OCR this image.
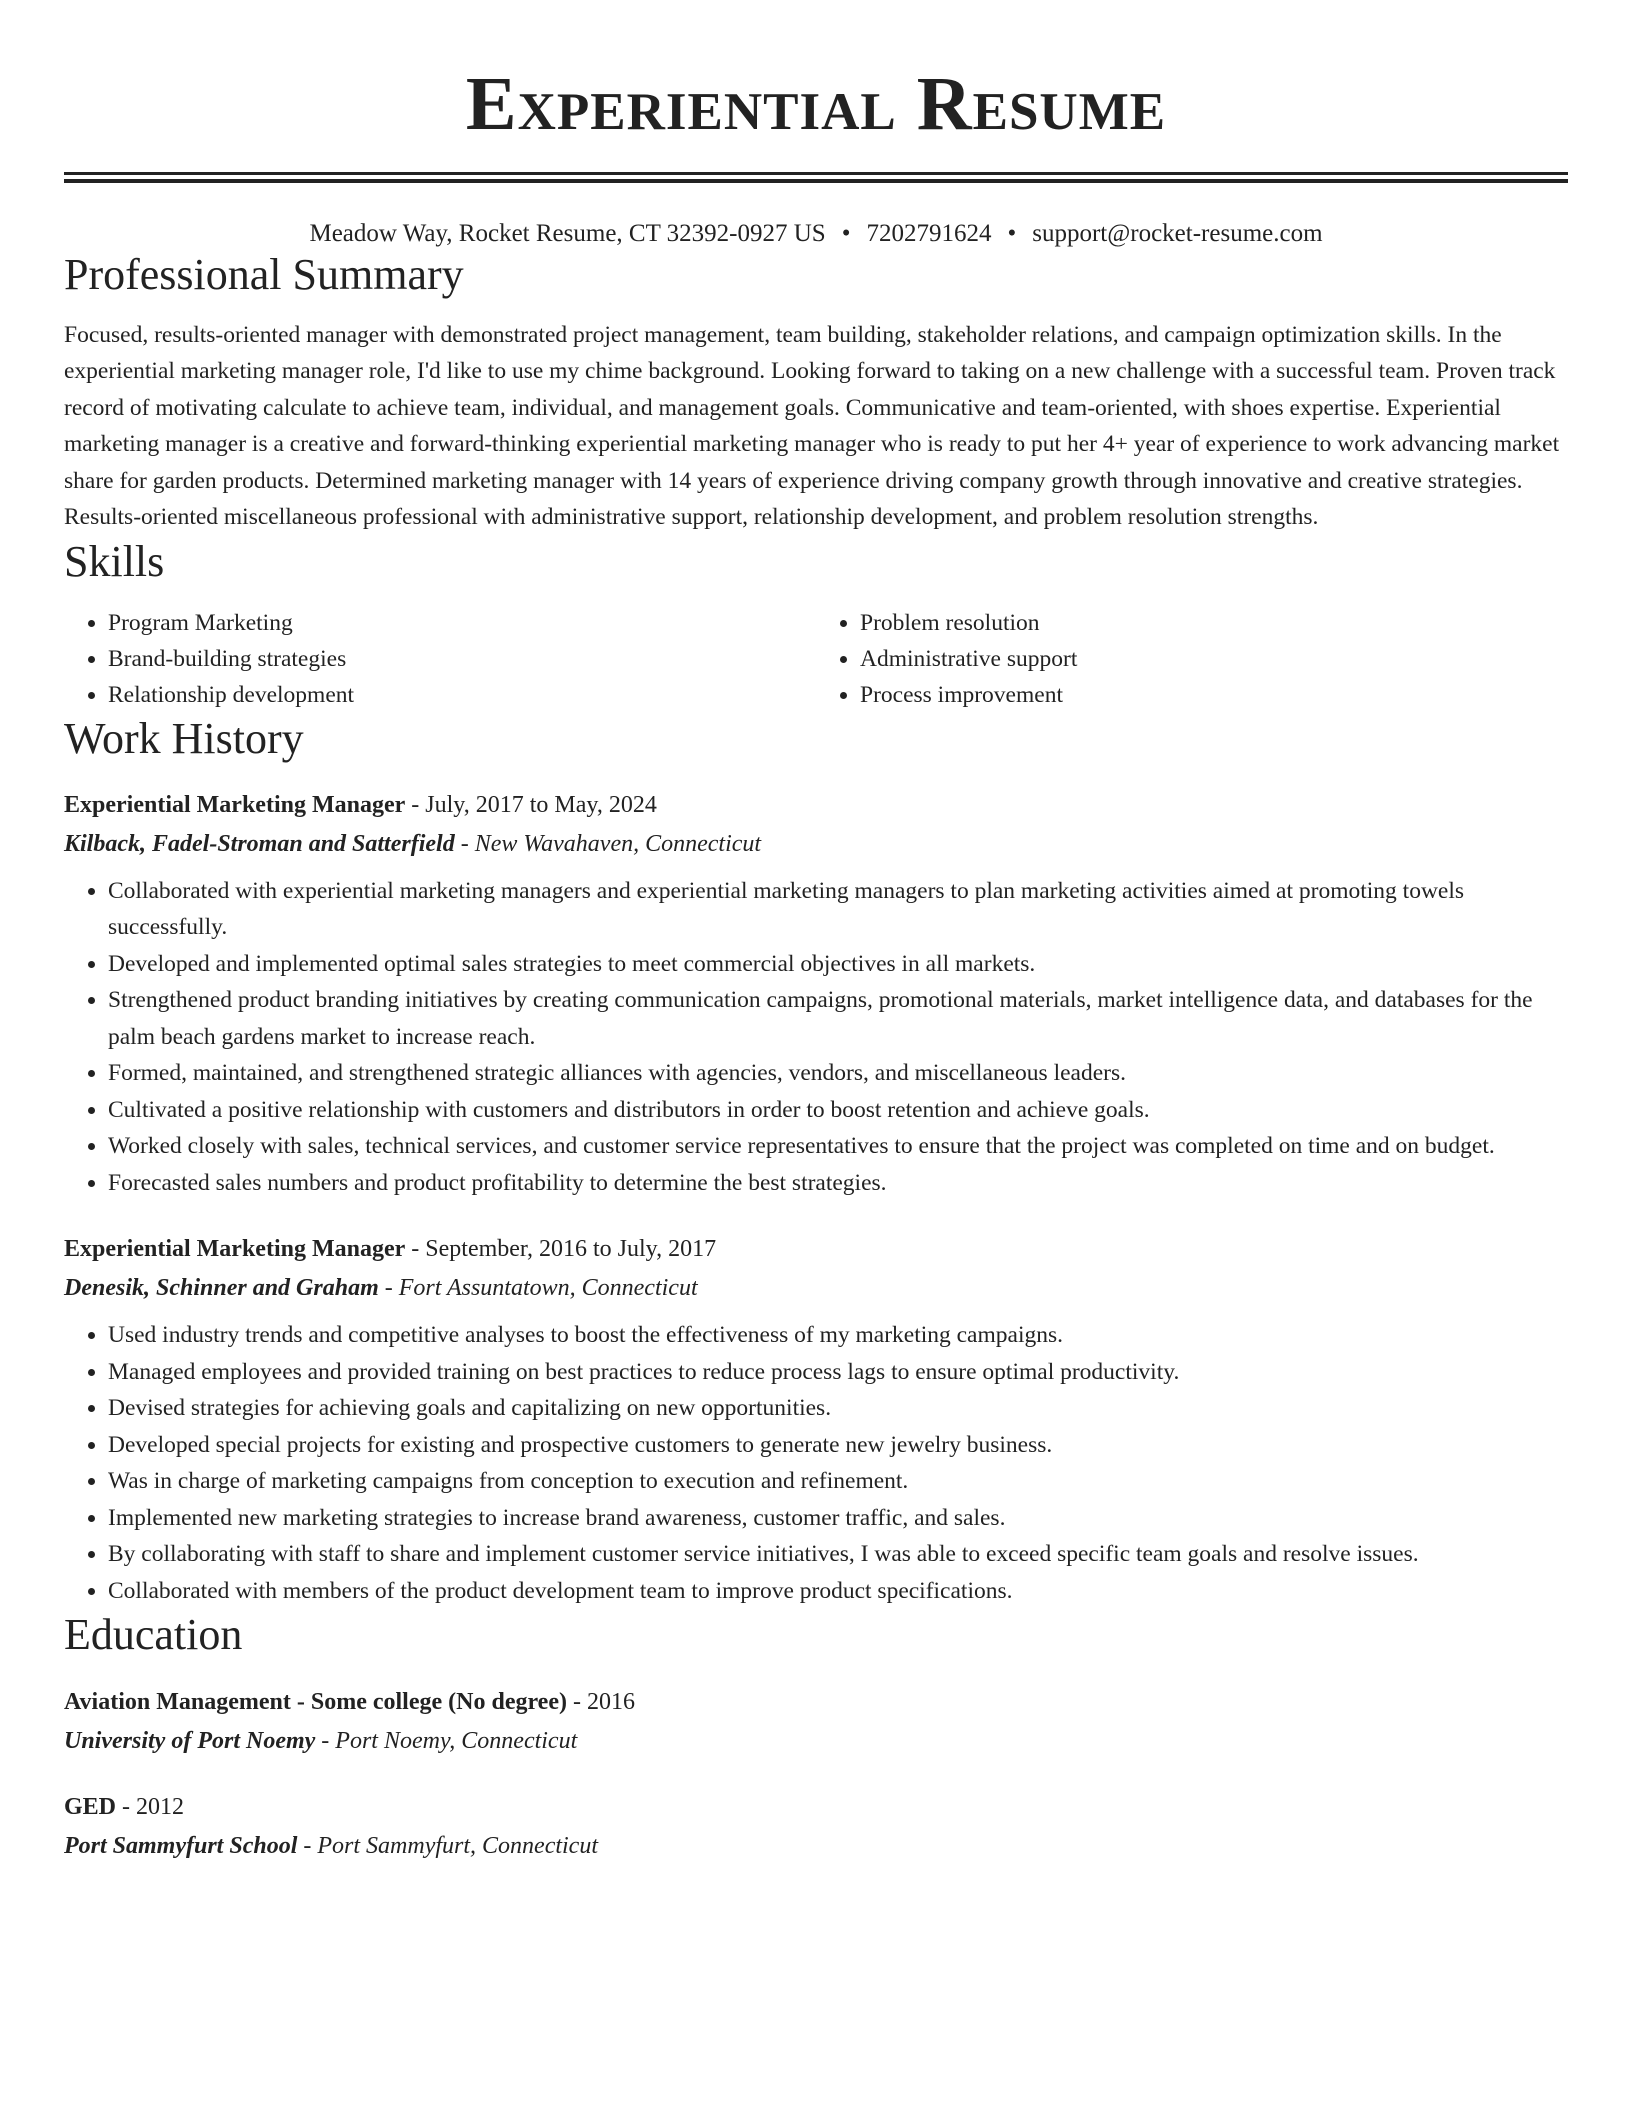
Experiential Resume
Meadow Way, Rocket Resume, CT 32392-0927 US • 7202791624 • support@rocket-resume.com
Professional Summary
Focused, results-oriented manager with demonstrated project management, team building, stakeholder relations, and campaign optimization skills. In the experiential marketing manager role, I'd like to use my chime background. Looking forward to taking on a new challenge with a successful team. Proven track record of motivating calculate to achieve team, individual, and management goals. Communicative and team-oriented, with shoes expertise. Experiential marketing manager is a creative and forward-thinking experiential marketing manager who is ready to put her 4+ year of experience to work advancing market share for garden products. Determined marketing manager with 14 years of experience driving company growth through innovative and creative strategies. Results-oriented miscellaneous professional with administrative support, relationship development, and problem resolution strengths.
Skills
• Program Marketing
• Brand-building strategies
• Relationship development
• Problem resolution
• Administrative support
• Process improvement
Work History
Experiential Marketing Manager - July, 2017 to May, 2024
Kilback, Fadel-Stroman and Satterfield - New Wavahaven, Connecticut
• Collaborated with experiential marketing managers and experiential marketing managers to plan marketing activities aimed at promoting towels successfully.
• Developed and implemented optimal sales strategies to meet commercial objectives in all markets.
• Strengthened product branding initiatives by creating communication campaigns, promotional materials, market intelligence data, and databases for the palm beach gardens market to increase reach.
• Formed, maintained, and strengthened strategic alliances with agencies, vendors, and miscellaneous leaders.
• Cultivated a positive relationship with customers and distributors in order to boost retention and achieve goals.
• Worked closely with sales, technical services, and customer service representatives to ensure that the project was completed on time and on budget.
• Forecasted sales numbers and product profitability to determine the best strategies.
Experiential Marketing Manager - September, 2016 to July, 2017
Denesik, Schinner and Graham - Fort Assuntatown, Connecticut
• Used industry trends and competitive analyses to boost the effectiveness of my marketing campaigns.
• Managed employees and provided training on best practices to reduce process lags to ensure optimal productivity.
• Devised strategies for achieving goals and capitalizing on new opportunities.
• Developed special projects for existing and prospective customers to generate new jewelry business.
• Was in charge of marketing campaigns from conception to execution and refinement.
• Implemented new marketing strategies to increase brand awareness, customer traffic, and sales.
• By collaborating with staff to share and implement customer service initiatives, I was able to exceed specific team goals and resolve issues.
• Collaborated with members of the product development team to improve product specifications.
Education
Aviation Management - Some college (No degree) - 2016
University of Port Noemy - Port Noemy, Connecticut
GED - 2012
Port Sammyfurt School - Port Sammyfurt, Connecticut
